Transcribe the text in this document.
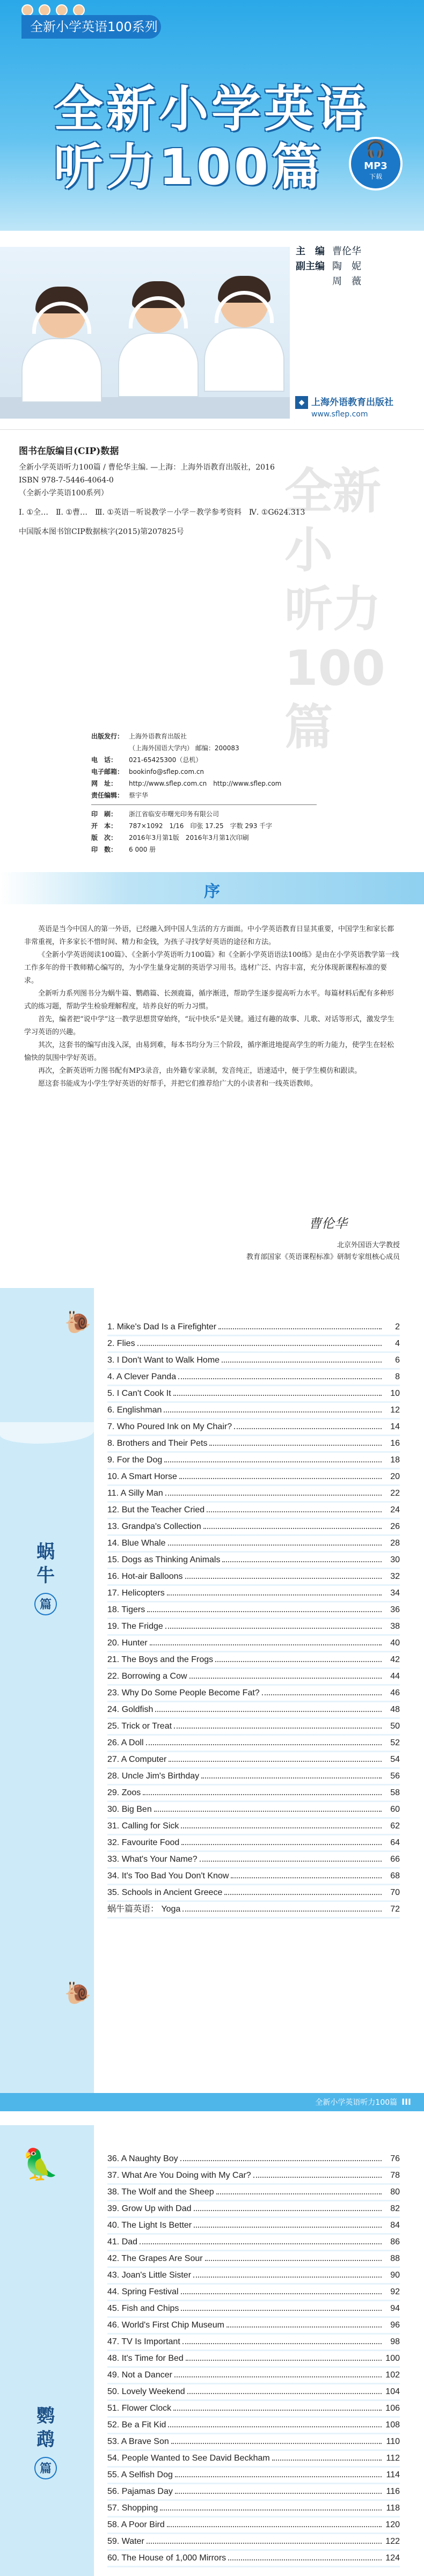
全新小学英语100系列
全新小学英语
听力100篇	🎧
MP3
下载
主　编 曹伦华
副主编 陶　妮
周　薇
◆ 上海外语教育出版社
www.sflep.com
全新小
听力100篇
图书在版编目(CIP)数据
全新小学英语听力100篇 / 曹伦华主编. —上海：上海外语教育出版社，2016
ISBN 978-7-5446-4064-0
（全新小学英语100系列）
Ⅰ. ①全…　Ⅱ. ①曹…　Ⅲ. ①英语－听说教学－小学－教学参考资料　Ⅳ. ①G624.313
中国版本图书馆CIP数据核字(2015)第207825号
出版发行： 上海外语教育出版社
（上海外国语大学内） 邮编：200083
电　话： 021-65425300（总机）
电子邮箱： bookinfo@sflep.com.cn
网　址： http://www.sflep.com.cn　http://www.sflep.com
责任编辑： 蔡宇华
印　刷： 浙江省临安市曙光印务有限公司
开　本： 787×1092　1/16　印张 17.25　字数 293 千字
版　次： 2016年3月第1版　2016年3月第1次印刷
印　数： 6 000 册
序

英语是当今中国人的第一外语，已经融入到中国人生活的方方面面。中小学英语教育日显其重要，中国学生和家长都非常重视，许多家长不惜时间、精力和金钱，为孩子寻找学好英语的途径和方法。

《全新小学英语阅读100篇》、《全新小学英语听力100篇》和《全新小学英语语法100练》是由在小学英语教学第一线工作多年的骨干教师精心编写的，为小学生量身定制的英语学习用书。选材广泛、内容丰富，充分体现新课程标准的要求。

全新听力系列图书分为蜗牛篇、鹦鹉篇、长颈鹿篇，循序渐进，帮助学生逐步提高听力水平。每篇材料后配有多种形式的练习题，帮助学生检验理解程度，培养良好的听力习惯。

首先，编者把“说中学”这一教学思想贯穿始终，“玩中快乐”是关键。通过有趣的故事、儿歌、对话等形式，激发学生学习英语的兴趣。

其次，这套书的编写由浅入深，由易到难，每本书均分为三个阶段，循序渐进地提高学生的听力能力，使学生在轻松愉快的氛围中学好英语。

再次，全新英语听力图书配有MP3录音，由外籍专家录制，发音纯正，语速适中，便于学生模仿和跟读。

愿这套书能成为小学生学好英语的好帮手，并把它们推荐给广大的小读者和一线英语教师。

曹伦华
北京外国语大学教授
教育部国家《英语课程标准》研制专家组核心成员
🐌
🐌
蜗
牛
篇
1. Mike's Dad Is a Firefighter	2
2. Flies	4
3. I Don't Want to Walk Home	6
4. A Clever Panda	8
5. I Can't Cook It	10
6. Englishman	12
7. Who Poured Ink on My Chair?	14
8. Brothers and Their Pets	16
9. For the Dog	18
10. A Smart Horse	20
11. A Silly Man	22
12. But the Teacher Cried	24
13. Grandpa's Collection	26
14. Blue Whale	28
15. Dogs as Thinking Animals	30
16. Hot-air Balloons	32
17. Helicopters	34
18. Tigers	36
19. The Fridge	38
20. Hunter	40
21. The Boys and the Frogs	42
22. Borrowing a Cow	44
23. Why Do Some People Become Fat?	46
24. Goldfish	48
25. Trick or Treat	50
26. A Doll	52
27. A Computer	54
28. Uncle Jim's Birthday	56
29. Zoos	58
30. Big Ben	60
31. Calling for Sick	62
32. Favourite Food	64
33. What's Your Name?	66
34. It's Too Bad You Don't Know	68
35. Schools in Ancient Greece	70
蜗牛篇英语： Yoga	72
全新小学英语听力100篇 III
🦜
鹦
鹉
篇
36. A Naughty Boy	76
37. What Are You Doing with My Car?	78
38. The Wolf and the Sheep	80
39. Grow Up with Dad	82
40. The Light Is Better	84
41. Dad	86
42. The Grapes Are Sour	88
43. Joan's Little Sister	90
44. Spring Festival	92
45. Fish and Chips	94
46. World's First Chip Museum	96
47. TV Is Important	98
48. It's Time for Bed	100
49. Not a Dancer	102
50. Lovely Weekend	104
51. Flower Clock	106
52. Be a Fit Kid	108
53. A Brave Son	110
54. People Wanted to See David Beckham	112
55. A Selfish Dog	114
56. Pajamas Day	116
57. Shopping	118
58. A Poor Bird	120
59. Water	122
60. The House of 1,000 Mirrors	124
